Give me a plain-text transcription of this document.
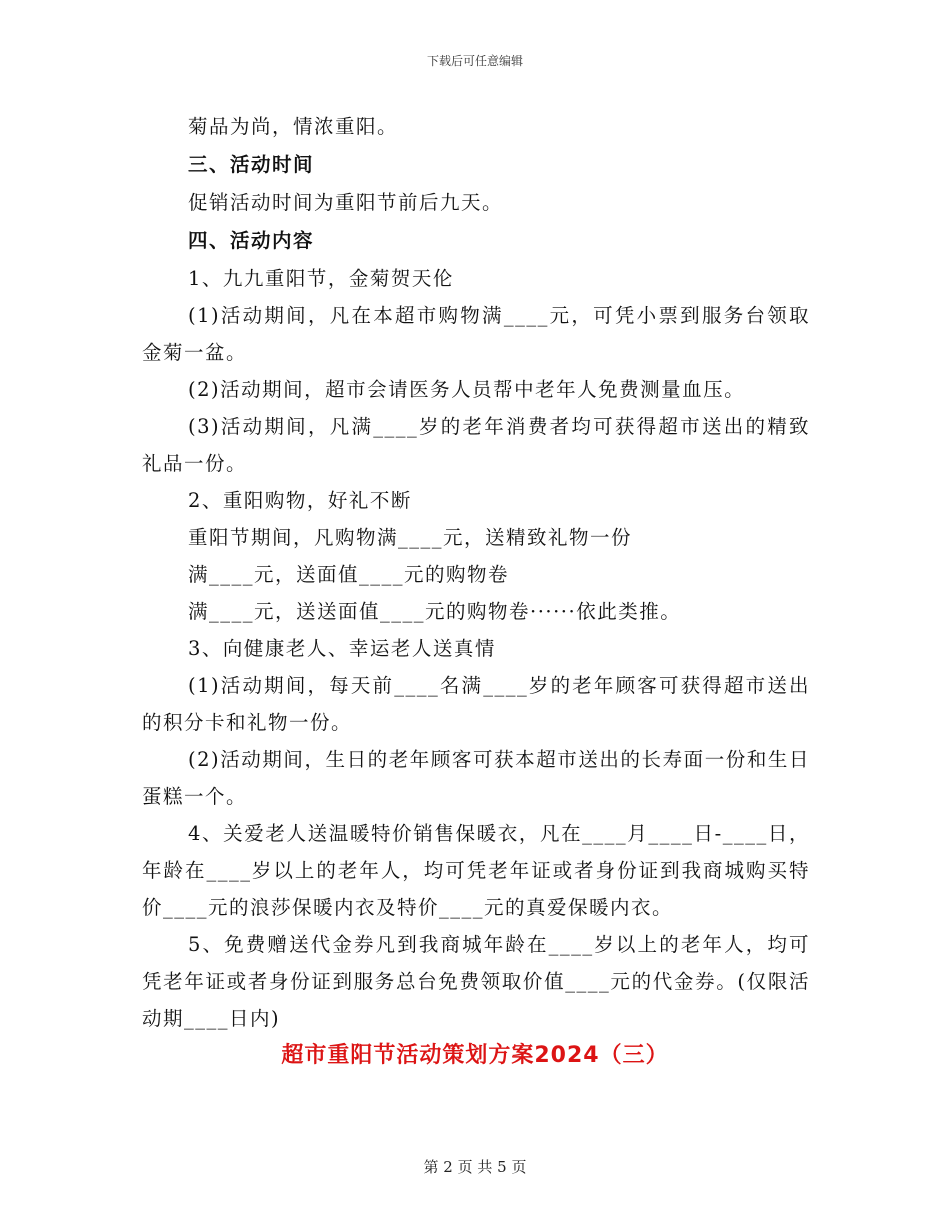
下载后可任意编辑

菊品为尚，情浓重阳。

三、活动时间

促销活动时间为重阳节前后九天。

四、活动内容

1、九九重阳节，金菊贺天伦

(1)活动期间，凡在本超市购物满____元，可凭小票到服务台领取金菊一盆。

(2)活动期间，超市会请医务人员帮中老年人免费测量血压。

(3)活动期间，凡满____岁的老年消费者均可获得超市送出的精致礼品一份。

2、重阳购物，好礼不断

重阳节期间，凡购物满____元，送精致礼物一份

满____元，送面值____元的购物卷

满____元，送送面值____元的购物卷······依此类推。

3、向健康老人、幸运老人送真情

(1)活动期间，每天前____名满____岁的老年顾客可获得超市送出的积分卡和礼物一份。

(2)活动期间，生日的老年顾客可获本超市送出的长寿面一份和生日蛋糕一个。

4、关爱老人送温暖特价销售保暖衣，凡在____月____日-____日，年龄在____岁以上的老年人，均可凭老年证或者身份证到我商城购买特价____元的浪莎保暖内衣及特价____元的真爱保暖内衣。

5、免费赠送代金券凡到我商城年龄在____岁以上的老年人，均可凭老年证或者身份证到服务总台免费领取价值____元的代金券。(仅限活动期____日内)

超市重阳节活动策划方案2024（三）
第 2 页 共 5 页
